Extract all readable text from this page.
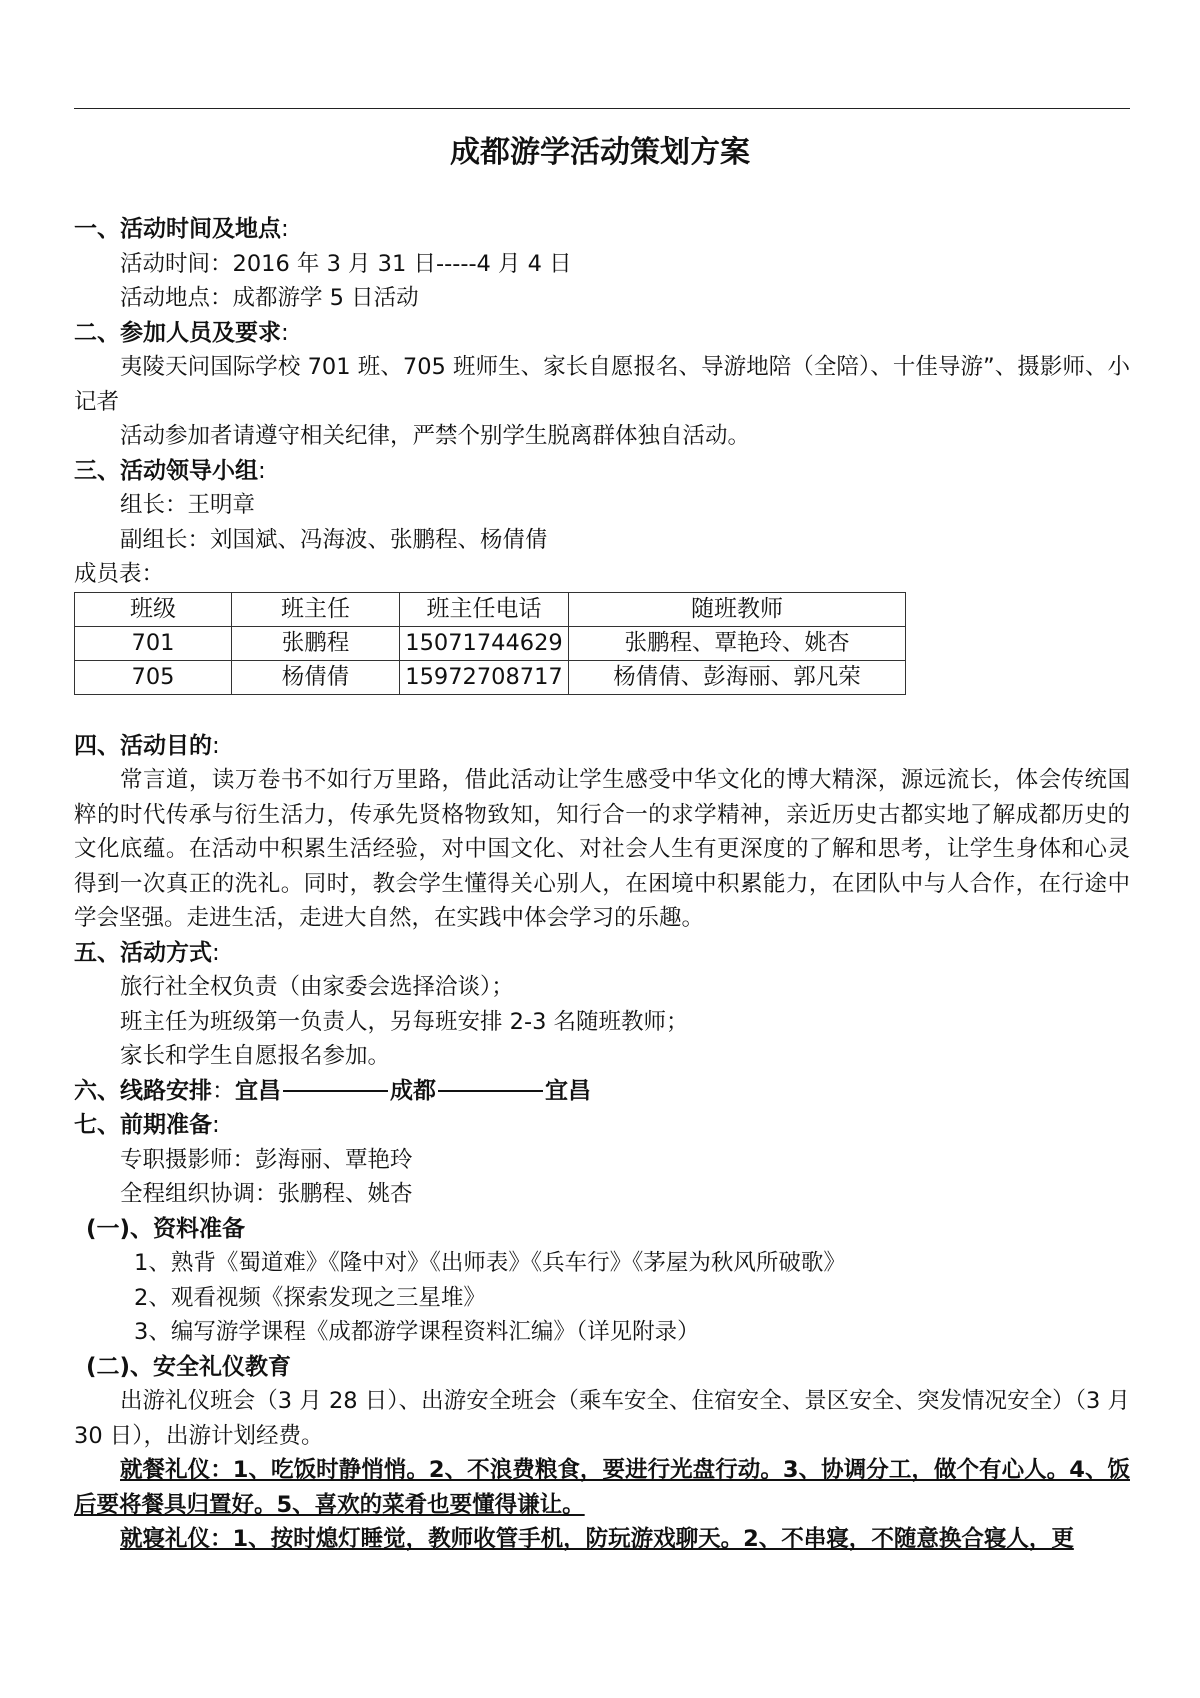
成都游学活动策划方案
一、活动时间及地点:
活动时间：2016 年 3 月 31 日-----4 月 4 日
活动地点：成都游学 5 日活动
二、参加人员及要求:
夷陵天问国际学校 701 班、705 班师生、家长自愿报名、导游地陪（全陪）、十佳导游”、摄影师、小记者
活动参加者请遵守相关纪律，严禁个别学生脱离群体独自活动。
三、活动领导小组:
组长：王明章
副组长：刘国斌、冯海波、张鹏程、杨倩倩
成员表：
班级	班主任	班主任电话	随班教师
701	张鹏程	15071744629	张鹏程、覃艳玲、姚杏
705	杨倩倩	15972708717	杨倩倩、彭海丽、郭凡荣
四、活动目的:
常言道，读万卷书不如行万里路，借此活动让学生感受中华文化的博大精深，源远流长，体会传统国粹的时代传承与衍生活力，传承先贤格物致知，知行合一的求学精神，亲近历史古都实地了解成都历史的文化底蕴。在活动中积累生活经验，对中国文化、对社会人生有更深度的了解和思考，让学生身体和心灵得到一次真正的洗礼。同时，教会学生懂得关心别人，在困境中积累能力，在团队中与人合作，在行途中学会坚强。走进生活，走进大自然，在实践中体会学习的乐趣。
五、活动方式:
旅行社全权负责（由家委会选择洽谈）；
班主任为班级第一负责人，另每班安排 2-3 名随班教师；
家长和学生自愿报名参加。
六、线路安排：宜昌	成都	宜昌
七、前期准备:
专职摄影师：彭海丽、覃艳玲
全程组织协调：张鹏程、姚杏
(一)、资料准备
1、熟背《蜀道难》《隆中对》《出师表》《兵车行》《茅屋为秋风所破歌》
2、观看视频《探索发现之三星堆》
3、编写游学课程《成都游学课程资料汇编》（详见附录）
(二)、安全礼仪教育
出游礼仪班会（3 月 28 日）、出游安全班会（乘车安全、住宿安全、景区安全、突发情况安全）（3 月 30 日），出游计划经费。
就餐礼仪：1、吃饭时静悄悄。2、不浪费粮食，要进行光盘行动。3、协调分工，做个有心人。4、饭后要将餐具归置好。5、喜欢的菜肴也要懂得谦让。
就寝礼仪：1、按时熄灯睡觉，教师收管手机，防玩游戏聊天。2、不串寝，不随意换合寝人，更
